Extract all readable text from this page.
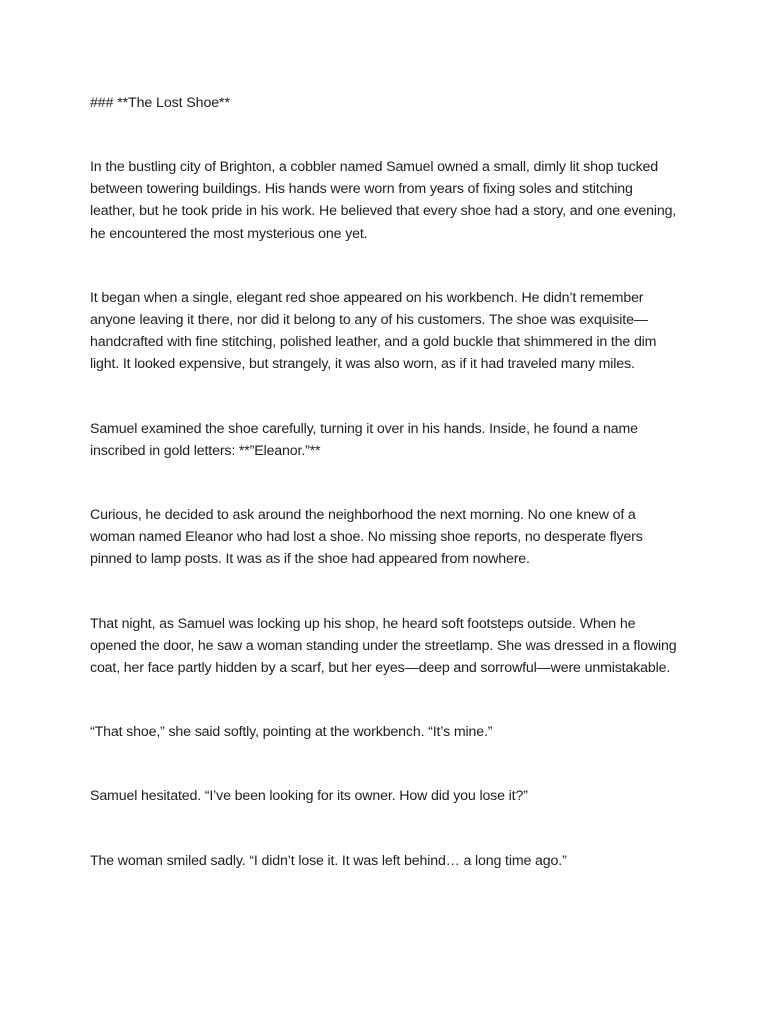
### **The Lost Shoe**

In the bustling city of Brighton, a cobbler named Samuel owned a small, dimly lit shop tucked between towering buildings. His hands were worn from years of fixing soles and stitching leather, but he took pride in his work. He believed that every shoe had a story, and one evening, he encountered the most mysterious one yet.

It began when a single, elegant red shoe appeared on his workbench. He didn’t remember anyone leaving it there, nor did it belong to any of his customers. The shoe was exquisite—handcrafted with fine stitching, polished leather, and a gold buckle that shimmered in the dim light. It looked expensive, but strangely, it was also worn, as if it had traveled many miles.

Samuel examined the shoe carefully, turning it over in his hands. Inside, he found a name inscribed in gold letters: **”Eleanor.”**

Curious, he decided to ask around the neighborhood the next morning. No one knew of a woman named Eleanor who had lost a shoe. No missing shoe reports, no desperate flyers pinned to lamp posts. It was as if the shoe had appeared from nowhere.

That night, as Samuel was locking up his shop, he heard soft footsteps outside. When he opened the door, he saw a woman standing under the streetlamp. She was dressed in a flowing coat, her face partly hidden by a scarf, but her eyes—deep and sorrowful—were unmistakable.

“That shoe,” she said softly, pointing at the workbench. “It’s mine.”

Samuel hesitated. “I’ve been looking for its owner. How did you lose it?”

The woman smiled sadly. “I didn’t lose it. It was left behind… a long time ago.”
